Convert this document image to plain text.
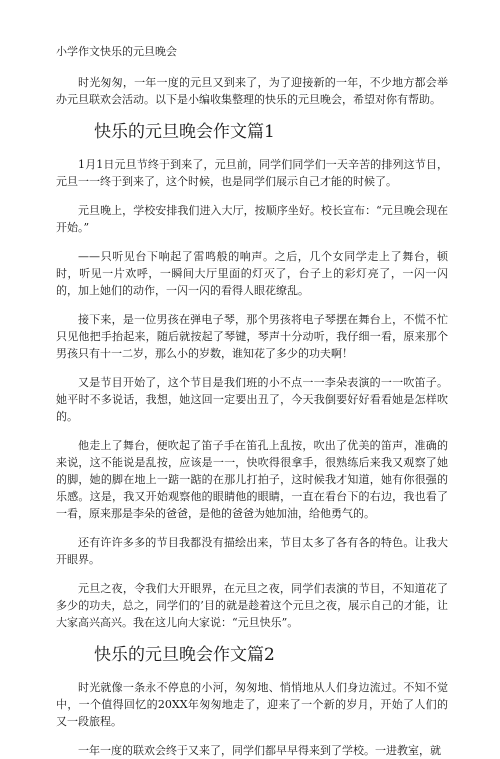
小学作文快乐的元旦晚会

时光匆匆，一年一度的元旦又到来了，为了迎接新的一年，不少地方都会举办元旦联欢会活动。以下是小编收集整理的快乐的元旦晚会，希望对你有帮助。

快乐的元旦晚会作文篇1

1月1日元旦节终于到来了，元旦前，同学们同学们一天辛苦的排列这节目，元旦一一终于到来了，这个时候，也是同学们展示自己才能的时候了。

元旦晚上，学校安排我们进入大厅，按顺序坐好。校长宣布：“元旦晚会现在开始。”

——只听见台下响起了雷鸣般的响声。之后，几个女同学走上了舞台，顿时，听见一片欢呼，一瞬间大厅里面的灯灭了，台子上的彩灯亮了，一闪一闪的，加上她们的动作，一闪一闪的看得人眼花缭乱。

接下来，是一位男孩在弹电子琴，那个男孩将电子琴摆在舞台上，不慌不忙只见他把手抬起来，随后就按起了琴键，琴声十分动听，我仔细一看，原来那个男孩只有十一二岁，那么小的岁数，谁知花了多少的功夫啊！

又是节目开始了，这个节目是我们班的小不点一一李朵表演的一一吹笛子。她平时不多说话，我想，她这回一定要出丑了，今天我倒要好好看看她是怎样吹的。

他走上了舞台，便吹起了笛子手在笛孔上乱按，吹出了优美的笛声，准确的来说，这不能说是乱按，应该是一一，快吹得很拿手，很熟练后来我又观察了她的脚，她的脚在地上一踮一踮的在那儿打拍子，这时候我才知道，她有你很强的乐感。这是，我又开始观察他的眼睛他的眼睛，一直在看台下的右边，我也看了一看，原来那是李朵的爸爸，是他的爸爸为她加油，给他勇气的。

还有许许多多的节目我都没有描绘出来，节目太多了各有各的特色。让我大开眼界。

元旦之夜，令我们大开眼界，在元旦之夜，同学们表演的节目，不知道花了多少的功夫，总之，同学们的’目的就是趁着这个元旦之夜，展示自己的才能，让大家高兴高兴。我在这儿向大家说：“元旦快乐”。

快乐的元旦晚会作文篇2

时光就像一条永不停息的小河，匆匆地、悄悄地从人们身边流过。不知不觉中，一个值得回忆的20XX年匆匆地走了，迎来了一个新的岁月，开始了人们的又一段旅程。

一年一度的联欢会终于又来了，同学们都早早得来到了学校。一进教室，就
